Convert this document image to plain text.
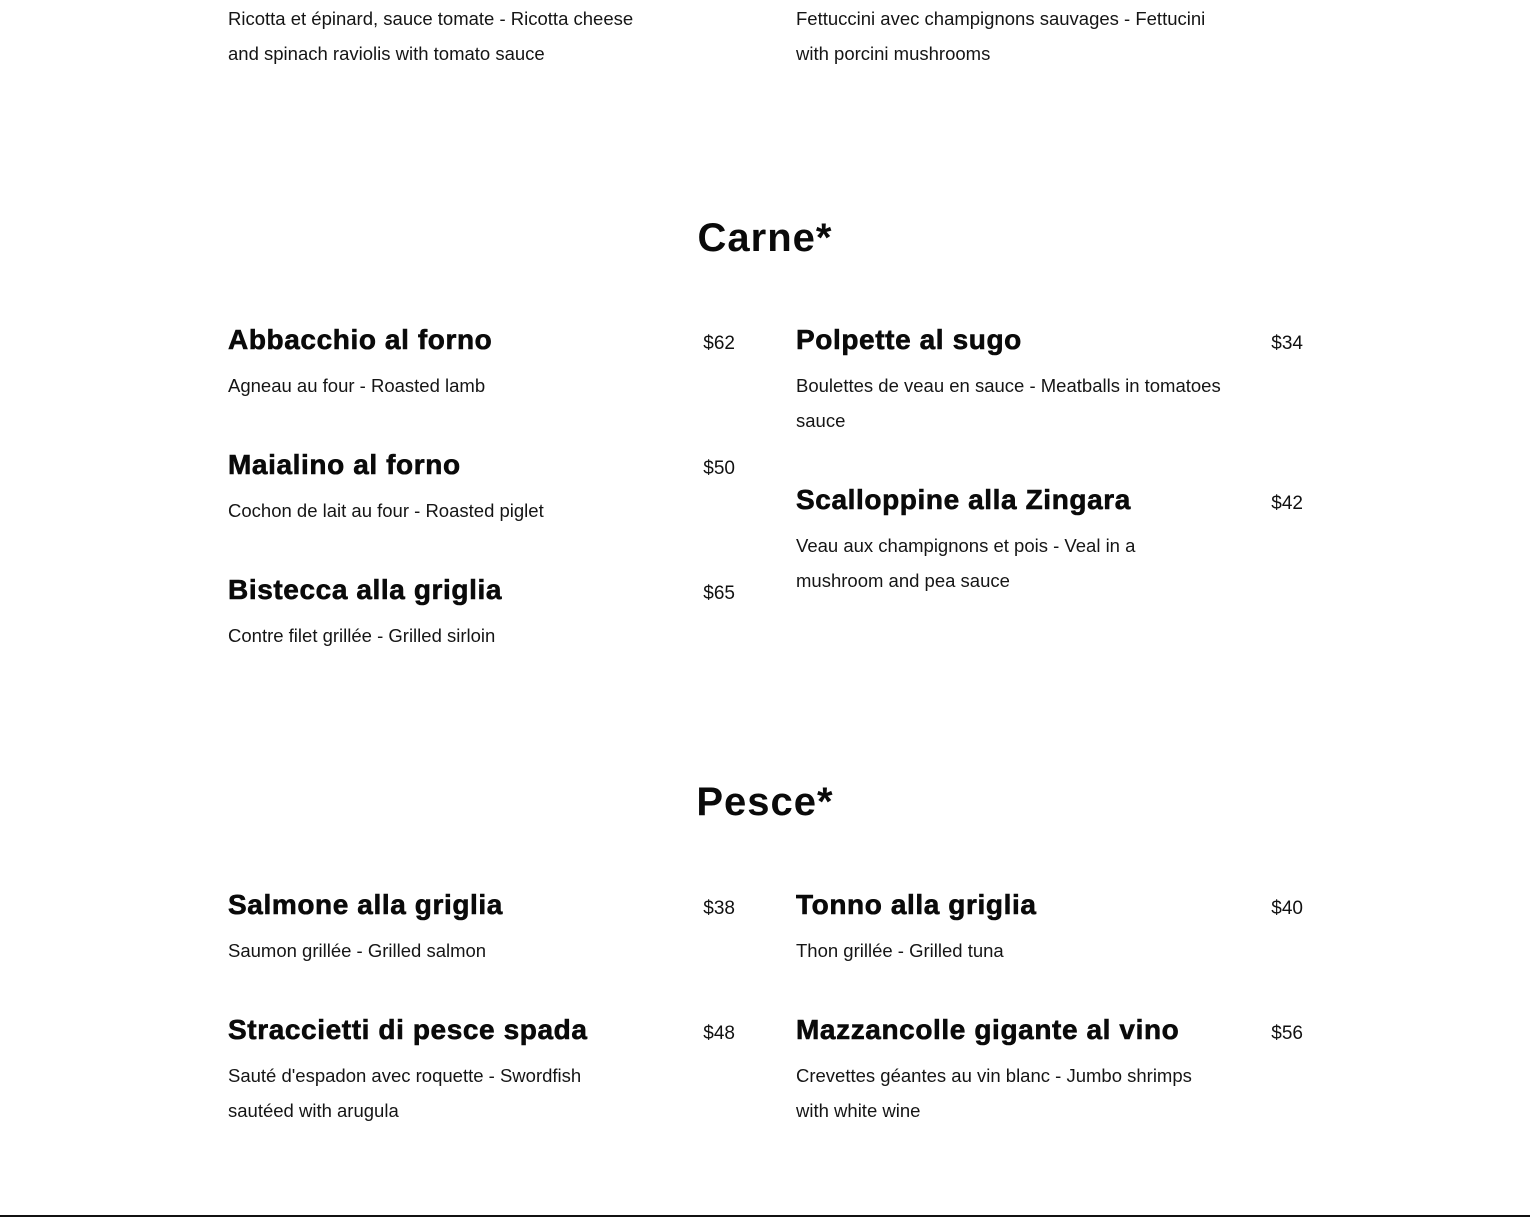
Ricotta et épinard, sauce tomate - Ricotta cheese and spinach raviolis with tomato sauce
Fettuccini avec champignons sauvages - Fettucini with porcini mushrooms
Carne*
Abbacchio al forno	$62
Agneau au four - Roasted lamb
Maialino al forno	$50
Cochon de lait au four - Roasted piglet
Bistecca alla griglia	$65
Contre filet grillée - Grilled sirloin
Polpette al sugo	$34
Boulettes de veau en sauce - Meatballs in tomatoes sauce
Scalloppine alla Zingara	$42
Veau aux champignons et pois - Veal in a mushroom and pea sauce
Pesce*
Salmone alla griglia	$38
Saumon grillée - Grilled salmon
Straccietti di pesce spada	$48
Sauté d'espadon avec roquette - Swordfish sautéed with arugula
Tonno alla griglia	$40
Thon grillée - Grilled tuna
Mazzancolle gigante al vino	$56
Crevettes géantes au vin blanc - Jumbo shrimps with white wine
